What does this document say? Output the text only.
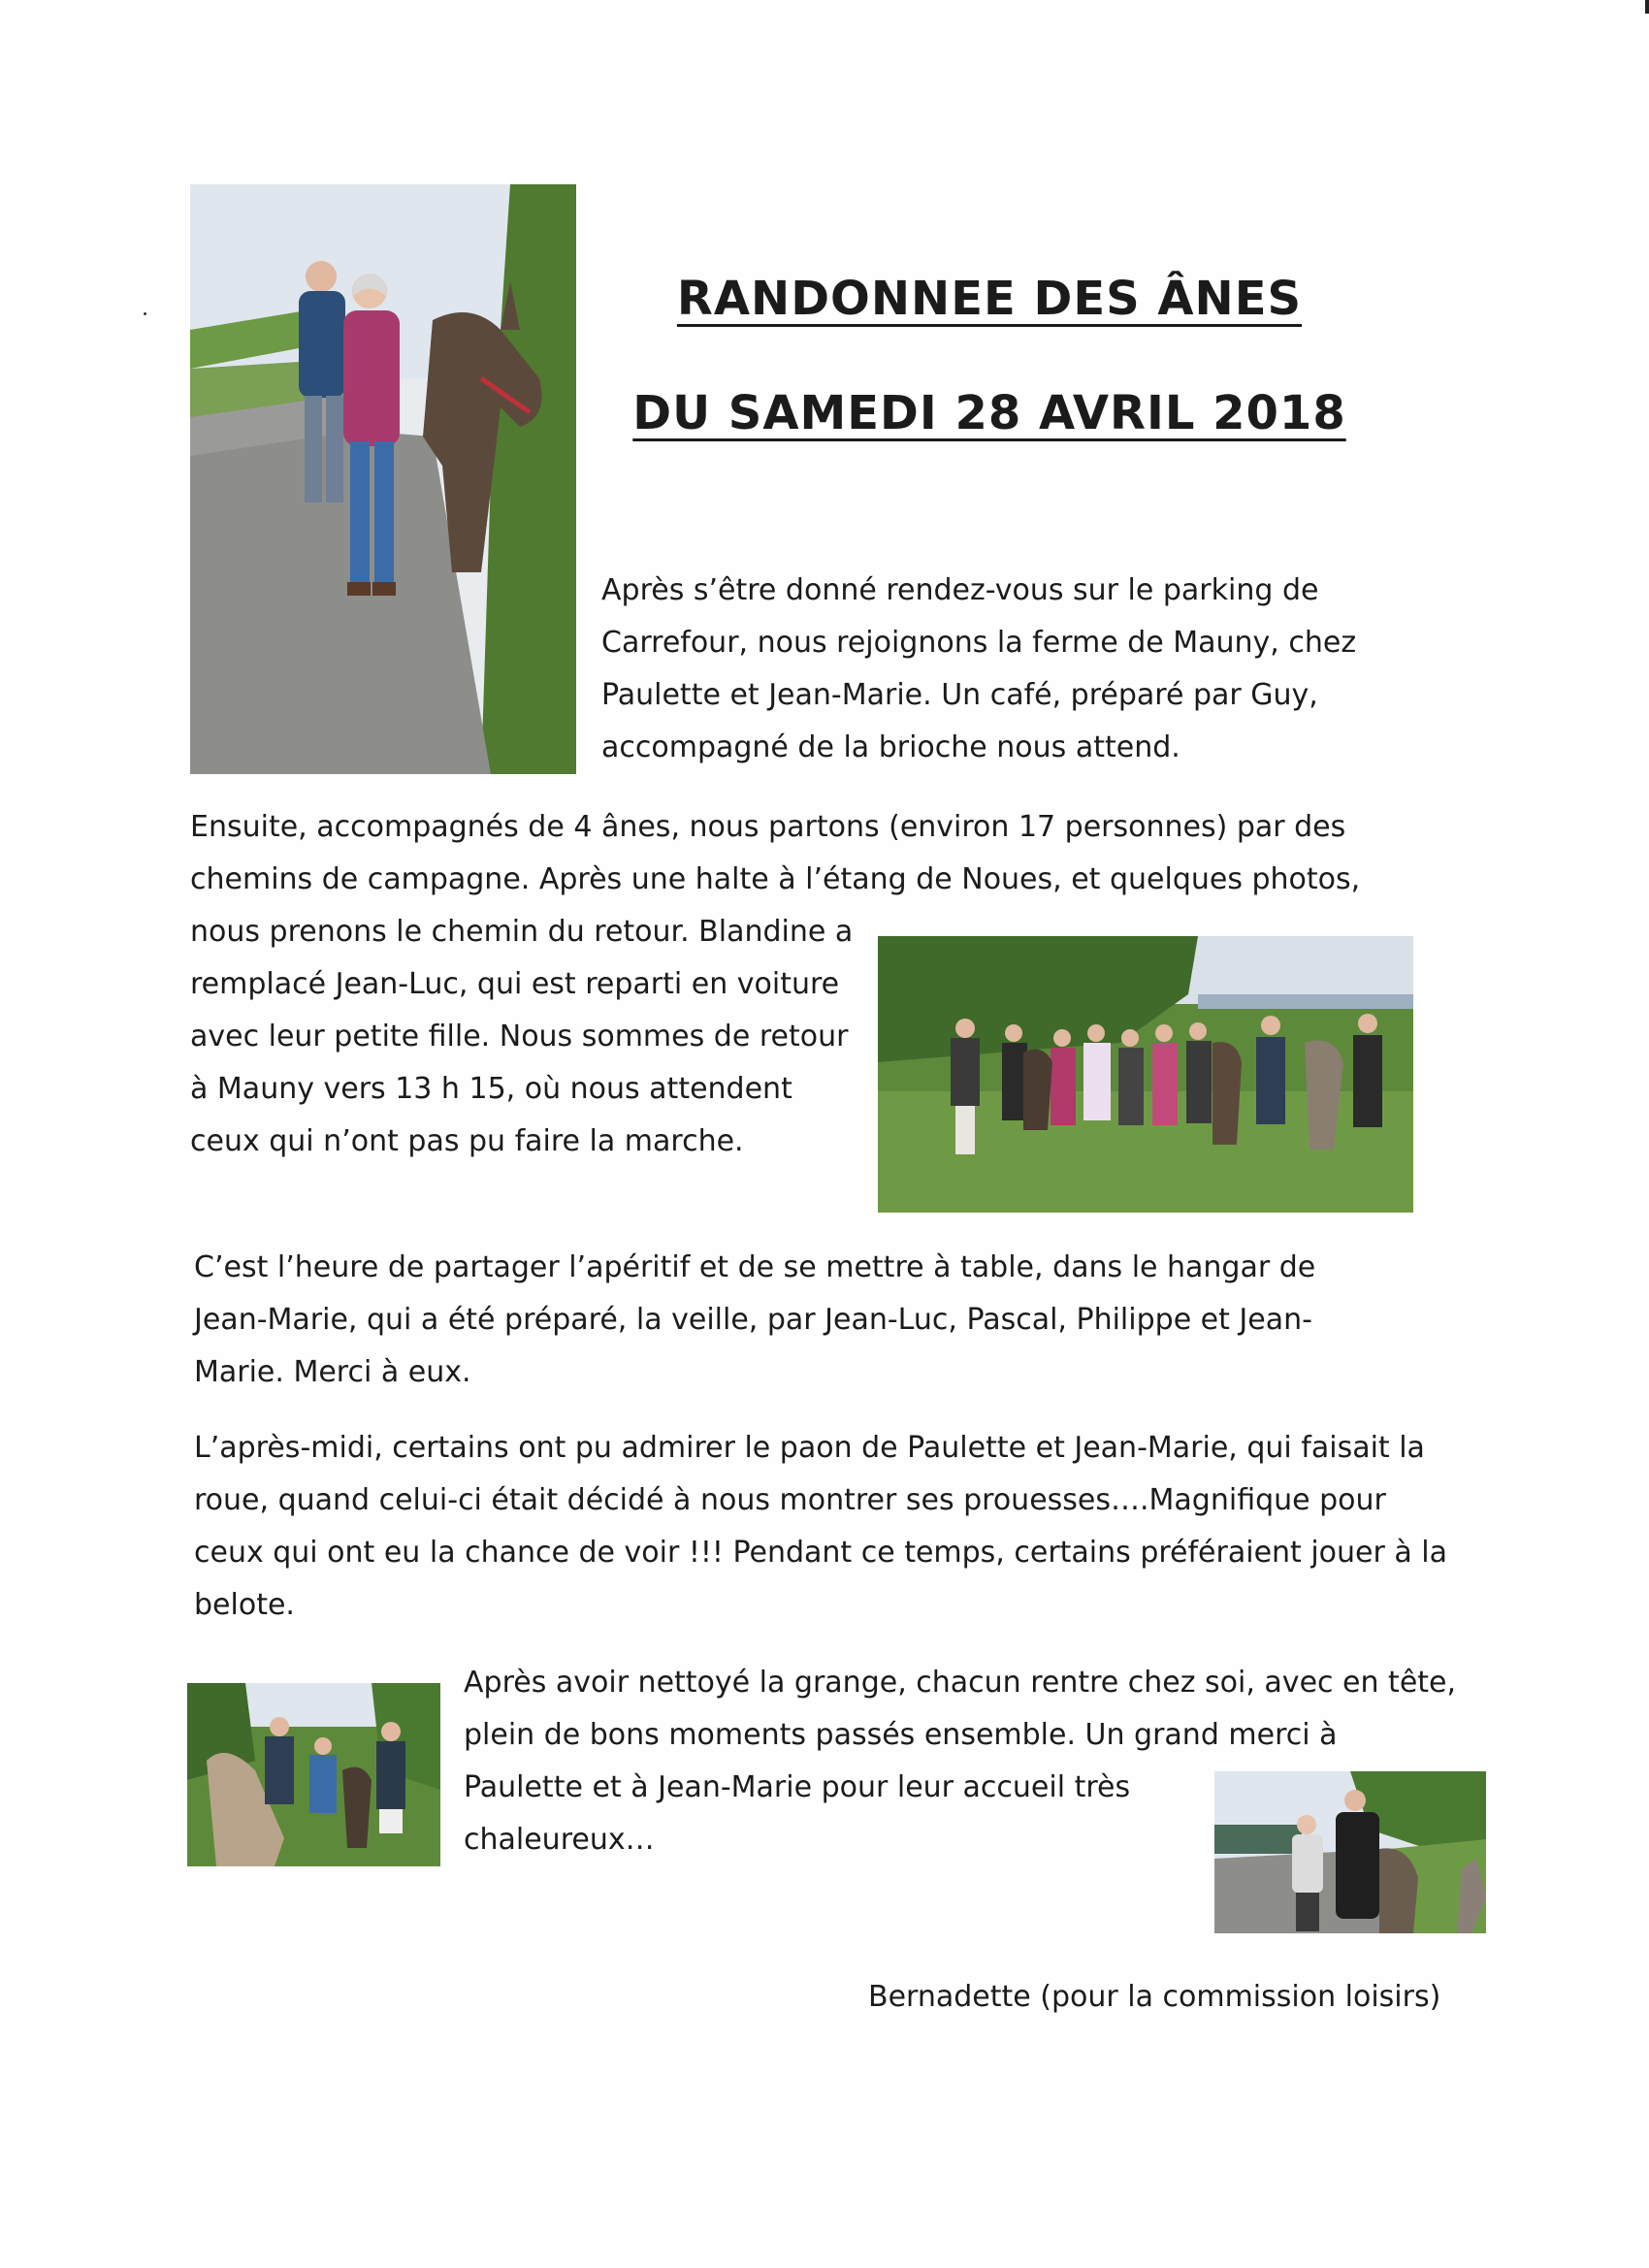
RANDONNEE DES ÂNES
DU SAMEDI 28 AVRIL 2018

Après s’être donné rendez-vous sur le parking de Carrefour, nous rejoignons la ferme de Mauny, chez Paulette et Jean-Marie. Un café, préparé par Guy, accompagné de la brioche nous attend.

Ensuite, accompagnés de 4 ânes, nous partons (environ 17 personnes) par des chemins de campagne. Après une halte à l’étang de Noues, et quelques photos,

nous prenons le chemin du retour. Blandine a remplacé Jean-Luc, qui est reparti en voiture avec leur petite fille. Nous sommes de retour à Mauny vers 13 h 15, où nous attendent ceux qui n’ont pas pu faire la marche.

C’est l’heure de partager l’apéritif et de se mettre à table, dans le hangar de Jean-Marie, qui a été préparé, la veille, par Jean-Luc, Pascal, Philippe et Jean-Marie. Merci à eux.

L’après-midi, certains ont pu admirer le paon de Paulette et Jean-Marie, qui faisait la roue, quand celui-ci était décidé à nous montrer ses prouesses….Magnifique pour ceux qui ont eu la chance de voir !!! Pendant ce temps, certains préféraient jouer à la belote.

Après avoir nettoyé la grange, chacun rentre chez soi, avec en tête, plein de bons moments passés ensemble. Un grand merci à
Paulette et à Jean-Marie pour leur accueil très chaleureux…

Bernadette (pour la commission loisirs)
